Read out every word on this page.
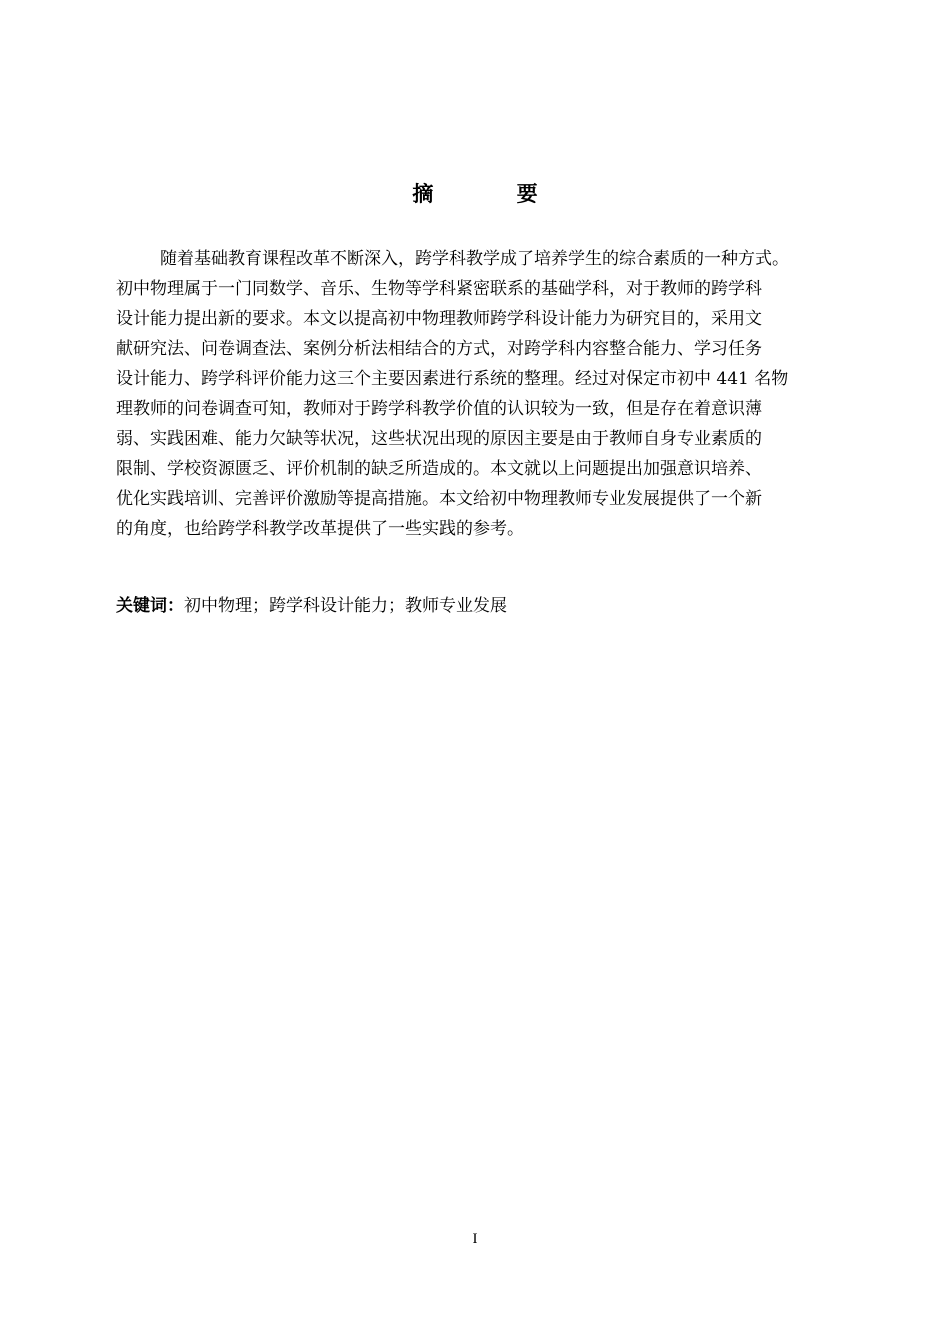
摘 要
随着基础教育课程改革不断深入，跨学科教学成了培养学生的综合素质的一种方式。
初中物理属于一门同数学、音乐、生物等学科紧密联系的基础学科，对于教师的跨学科
设计能力提出新的要求。本文以提高初中物理教师跨学科设计能力为研究目的，采用文
献研究法、问卷调查法、案例分析法相结合的方式，对跨学科内容整合能力、学习任务
设计能力、跨学科评价能力这三个主要因素进行系统的整理。经过对保定市初中 441 名物
理教师的问卷调查可知，教师对于跨学科教学价值的认识较为一致，但是存在着意识薄
弱、实践困难、能力欠缺等状况，这些状况出现的原因主要是由于教师自身专业素质的
限制、学校资源匮乏、评价机制的缺乏所造成的。本文就以上问题提出加强意识培养、
优化实践培训、完善评价激励等提高措施。本文给初中物理教师专业发展提供了一个新
的角度，也给跨学科教学改革提供了一些实践的参考。
关键词：初中物理；跨学科设计能力；教师专业发展
I
